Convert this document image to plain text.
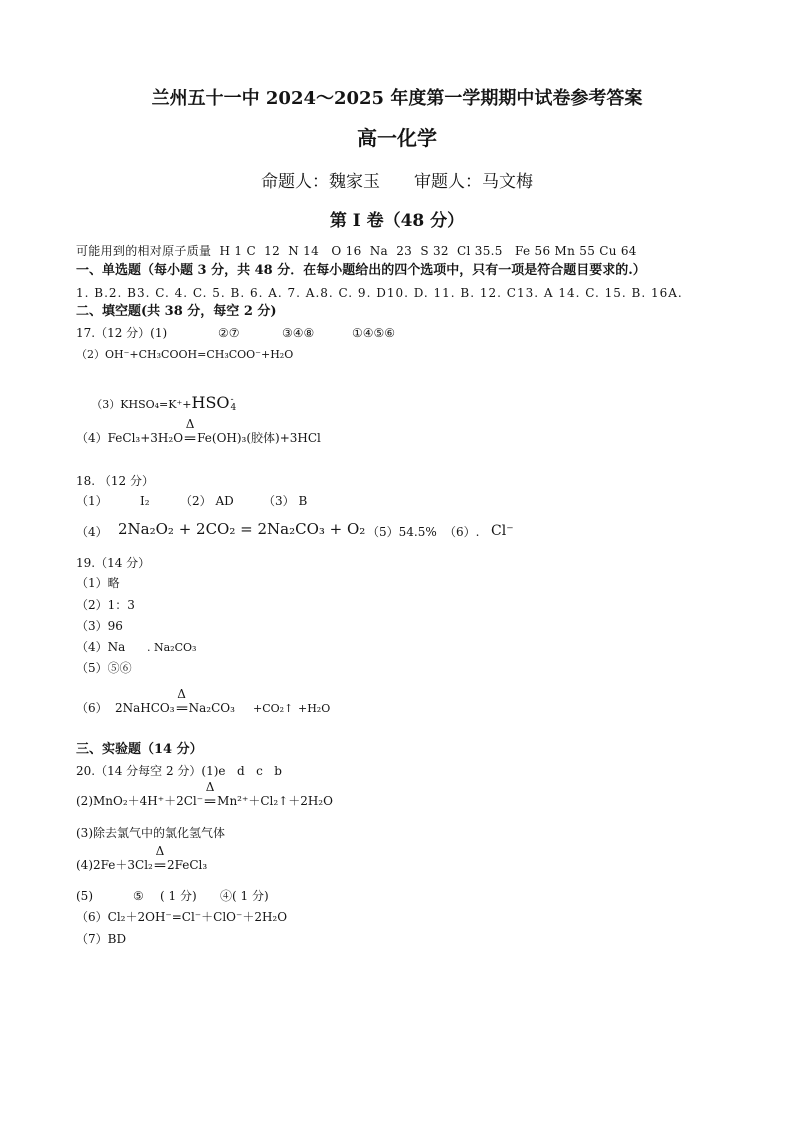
兰州五十一中 2024～2025 年度第一学期期中试卷参考答案
高一化学
命题人：魏家玉 审题人：马文梅
第 I 卷（48 分）

可能用到的相对原子质量  H 1 C  12  N 14   O 16  Na  23  S 32  Cl 35.5   Fe 56 Mn 55 Cu 64

一、单选题（每小题 3 分，共 48 分．在每小题给出的四个选项中，只有一项是符合题目要求的.）

1. B.2. B3. C. 4. C. 5. B. 6. A. 7. A.8. C. 9. D10. D. 11. B. 12. C13. A 14. C. 15. B. 16A.

二、填空题(共 38 分，每空 2 分)

17.（12 分）(1)

	②⑦

	③④⑧

	①④⑤⑥

（2）OH⁻+CH₃COOH=CH₃COO⁻+H₂O

（3）KHSO₄=K⁺+HSO -
4

（4）FeCl₃+3H₂O
Δ
=Fe(OH)₃(胶体)+3HCl

18. （12 分）

（1）

	I₂

	（2） AD

（3） B

（4）

2Na₂O₂ + 2CO₂ = 2Na₂CO₃ + O₂

（5）54.5%

（6）.

Cl⁻

19.（14 分）

（1）略

（2）1：3

（3）96

（4）Na

. Na₂CO₃

（5）⑤⑥

（6）

2NaHCO₃
Δ
=Na₂CO₃

+CO₂↑

+H₂O

三、实验题（14 分）

20.（14 分每空 2 分）(1)e   d   c   b

(2)MnO₂＋4H⁺＋2Cl⁻
Δ
=Mn²⁺＋Cl₂↑＋2H₂O

(3)除去氯气中的氯化氢气体

(4)2Fe＋3Cl₂
Δ
=2FeCl₃

(5)

	⑤

( 1 分)

④( 1 分)

（6）Cl₂＋2OH⁻=Cl⁻＋ClO⁻＋2H₂O

（7）BD
